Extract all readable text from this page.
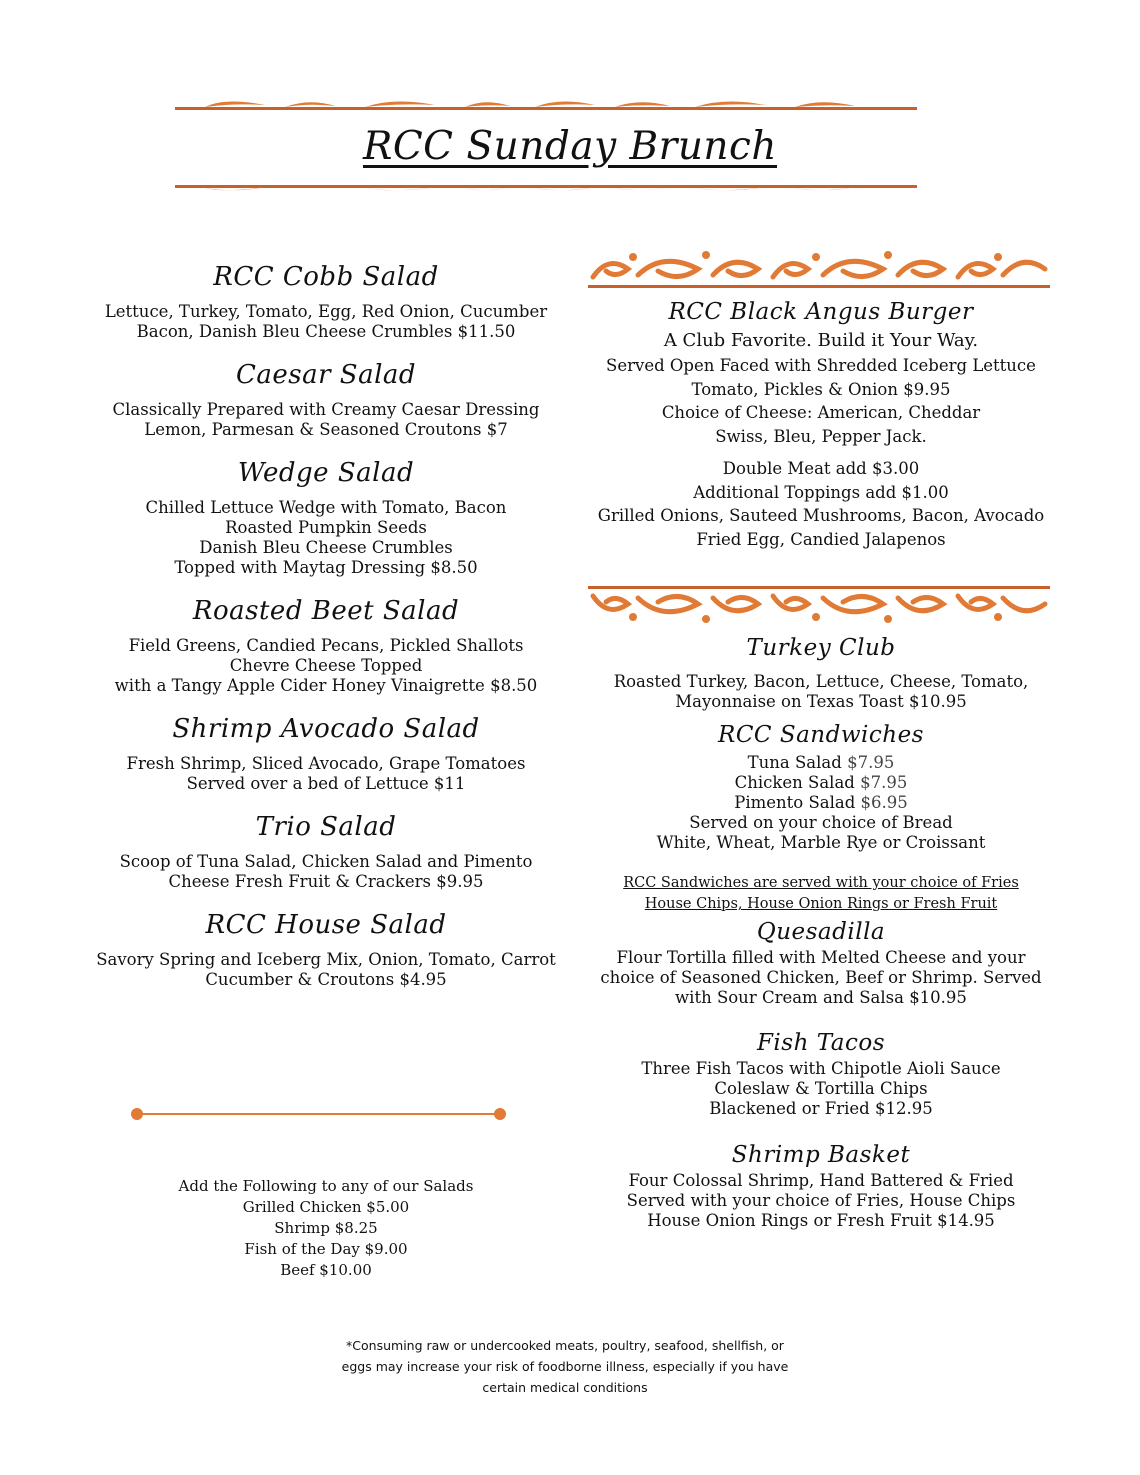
RCC Sunday Brunch
RCC Cobb Salad
Lettuce, Turkey, Tomato, Egg, Red Onion, Cucumber
Bacon, Danish Bleu Cheese Crumbles $11.50
Caesar Salad
Classically Prepared with Creamy Caesar Dressing
Lemon, Parmesan & Seasoned Croutons $7
Wedge Salad
Chilled Lettuce Wedge with Tomato, Bacon
Roasted Pumpkin Seeds
Danish Bleu Cheese Crumbles
Topped with Maytag Dressing $8.50
Roasted Beet Salad
Field Greens, Candied Pecans, Pickled Shallots
Chevre Cheese Topped
with a Tangy Apple Cider Honey Vinaigrette $8.50
Shrimp Avocado Salad
Fresh Shrimp, Sliced Avocado, Grape Tomatoes
Served over a bed of Lettuce $11
Trio Salad
Scoop of Tuna Salad, Chicken Salad and Pimento
Cheese Fresh Fruit & Crackers $9.95
RCC House Salad
Savory Spring and Iceberg Mix, Onion, Tomato, Carrot
Cucumber & Croutons $4.95
Add the Following to any of our Salads
Grilled Chicken $5.00
Shrimp $8.25
Fish of the Day $9.00
Beef $10.00
RCC Black Angus Burger
A Club Favorite. Build it Your Way.
Served Open Faced with Shredded Iceberg Lettuce
Tomato, Pickles & Onion $9.95
Choice of Cheese: American, Cheddar
Swiss, Bleu, Pepper Jack.
Double Meat add $3.00
Additional Toppings add $1.00
Grilled Onions, Sauteed Mushrooms, Bacon, Avocado
Fried Egg, Candied Jalapenos
Turkey Club
Roasted Turkey, Bacon, Lettuce, Cheese, Tomato,
Mayonnaise on Texas Toast $10.95
RCC Sandwiches
Tuna Salad $7.95
Chicken Salad $7.95
Pimento Salad $6.95
Served on your choice of Bread
White, Wheat, Marble Rye or Croissant
RCC Sandwiches are served with your choice of Fries
House Chips, House Onion Rings or Fresh Fruit
Quesadilla
Flour Tortilla filled with Melted Cheese and your
choice of Seasoned Chicken, Beef or Shrimp. Served
with Sour Cream and Salsa $10.95
Fish Tacos
Three Fish Tacos with Chipotle Aioli Sauce
Coleslaw & Tortilla Chips
Blackened or Fried $12.95
Shrimp Basket
Four Colossal Shrimp, Hand Battered & Fried
Served with your choice of Fries, House Chips
House Onion Rings or Fresh Fruit $14.95
*Consuming raw or undercooked meats, poultry, seafood, shellfish, or
eggs may increase your risk of foodborne illness, especially if you have
certain medical conditions
